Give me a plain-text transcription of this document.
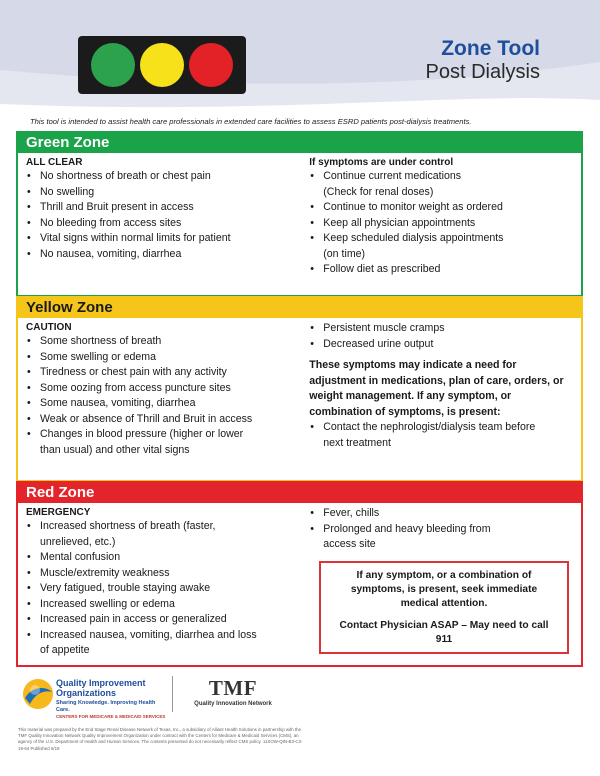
Zone Tool
Post Dialysis
This tool is intended to assist health care professionals in extended care facilities to assess ESRD patients post-dialysis treatments.
Green Zone
ALL CLEAR
• No shortness of breath or chest pain
• No swelling
• Thrill and Bruit present in access
• No bleeding from access sites
• Vital signs within normal limits for patient
• No nausea, vomiting, diarrhea
If symptoms are under control
• Continue current medications
(Check for renal doses)
• Continue to monitor weight as ordered
• Keep all physician appointments
• Keep scheduled dialysis appointments
(on time)
• Follow diet as prescribed
Yellow Zone
CAUTION
• Some shortness of breath
• Some swelling or edema
• Tiredness or chest pain with any activity
• Some oozing from access puncture sites
• Some nausea, vomiting, diarrhea
• Weak or absence of Thrill and Bruit in access
• Changes in blood pressure (higher or lower
than usual) and other vital signs
• Persistent muscle cramps
• Decreased urine output
These symptoms may indicate a need for adjustment in medications, plan of care, orders, or weight management. If any symptom, or combination of symptoms, is present:
• Contact the nephrologist/dialysis team before
next treatment
Red Zone
EMERGENCY
• Increased shortness of breath (faster,
unrelieved, etc.)
• Mental confusion
• Muscle/extremity weakness
• Very fatigued, trouble staying awake
• Increased swelling or edema
• Increased pain in access or generalized
• Increased nausea, vomiting, diarrhea and loss
of appetite
• Fever, chills
• Prolonged and heavy bleeding from
access site

If any symptom, or a combination of symptoms, is present, seek immediate medical attention.

Contact Physician ASAP – May need to call 911

Quality Improvement
Organizations
Sharing Knowledge. Improving Health Care.
CENTERS FOR MEDICARE & MEDICAID SERVICES
TMF
Quality Innovation Network
This material was prepared by the End Stage Renal Disease Network of Texas, Inc., a subsidiary of Alliant Health Solutions in partnership with the TMF Quality Innovation Network Quality Improvement Organization under contract with the Centers for Medicare & Medicaid Services (CMS), an agency of the U.S. Department of Health and Human Services. The contents presented do not necessarily reflect CMS policy. 11SOW-QIN-B3-C3-19-64 Published 6/19
